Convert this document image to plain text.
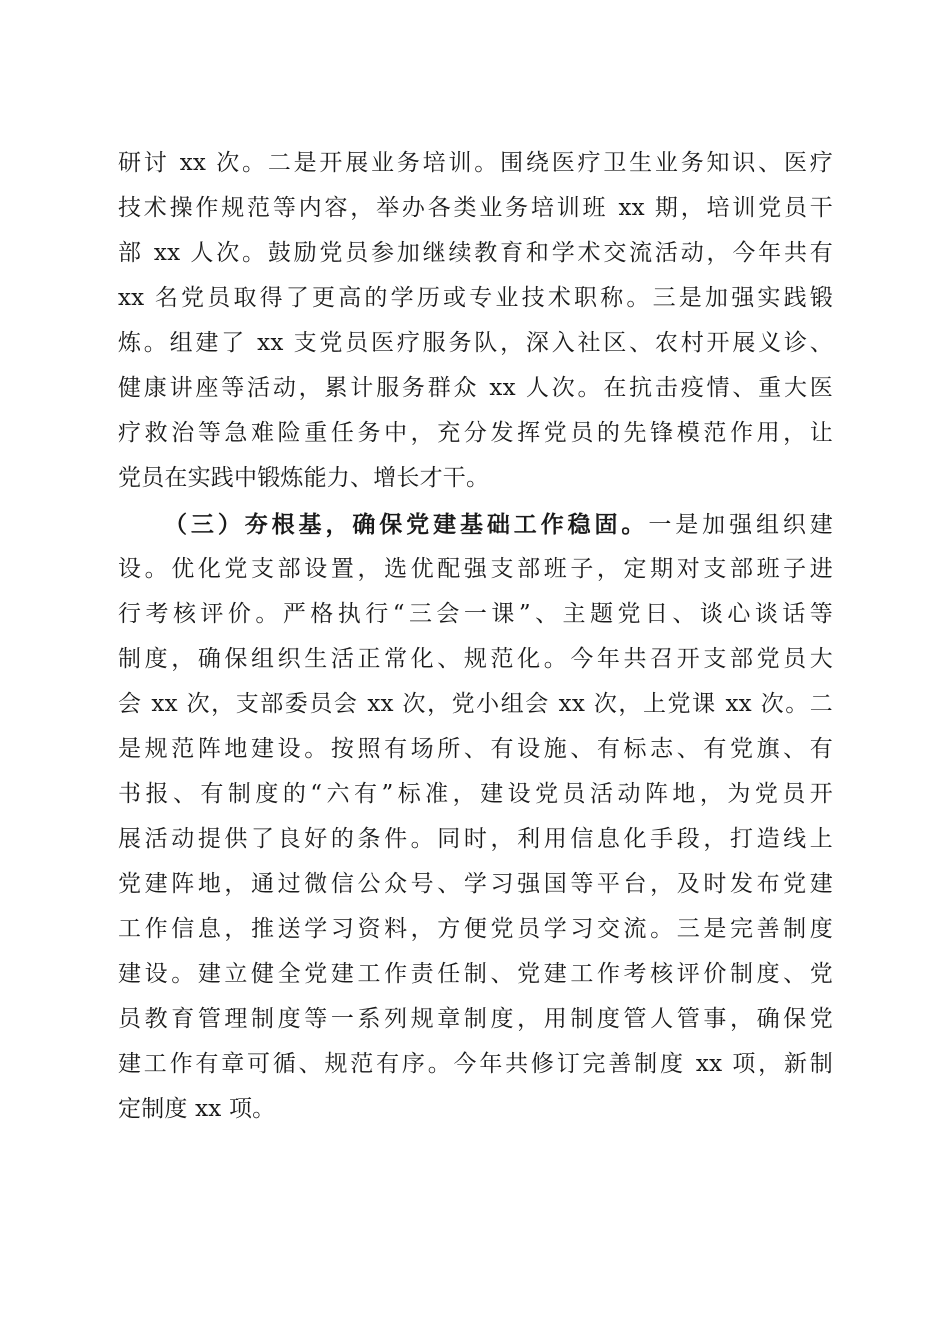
研讨 xx 次。二是开展业务培训。围绕医疗卫生业务知识、医疗
技术操作规范等内容，举办各类业务培训班 xx 期，培训党员干
部 xx 人次。鼓励党员参加继续教育和学术交流活动，今年共有
xx 名党员取得了更高的学历或专业技术职称。三是加强实践锻
炼。组建了 xx 支党员医疗服务队，深入社区、农村开展义诊、
健康讲座等活动，累计服务群众 xx 人次。在抗击疫情、重大医
疗救治等急难险重任务中，充分发挥党员的先锋模范作用，让
党员在实践中锻炼能力、增长才干。
（三）夯根基，确保党建基础工作稳固。一是加强组织建
设。优化党支部设置，选优配强支部班子，定期对支部班子进
行考核评价。严格执行“三会一课”、主题党日、谈心谈话等
制度，确保组织生活正常化、规范化。今年共召开支部党员大
会 xx 次，支部委员会 xx 次，党小组会 xx 次，上党课 xx 次。二
是规范阵地建设。按照有场所、有设施、有标志、有党旗、有
书报、有制度的“六有”标准，建设党员活动阵地，为党员开
展活动提供了良好的条件。同时，利用信息化手段，打造线上
党建阵地，通过微信公众号、学习强国等平台，及时发布党建
工作信息，推送学习资料，方便党员学习交流。三是完善制度
建设。建立健全党建工作责任制、党建工作考核评价制度、党
员教育管理制度等一系列规章制度，用制度管人管事，确保党
建工作有章可循、规范有序。今年共修订完善制度 xx 项，新制
定制度 xx 项。
